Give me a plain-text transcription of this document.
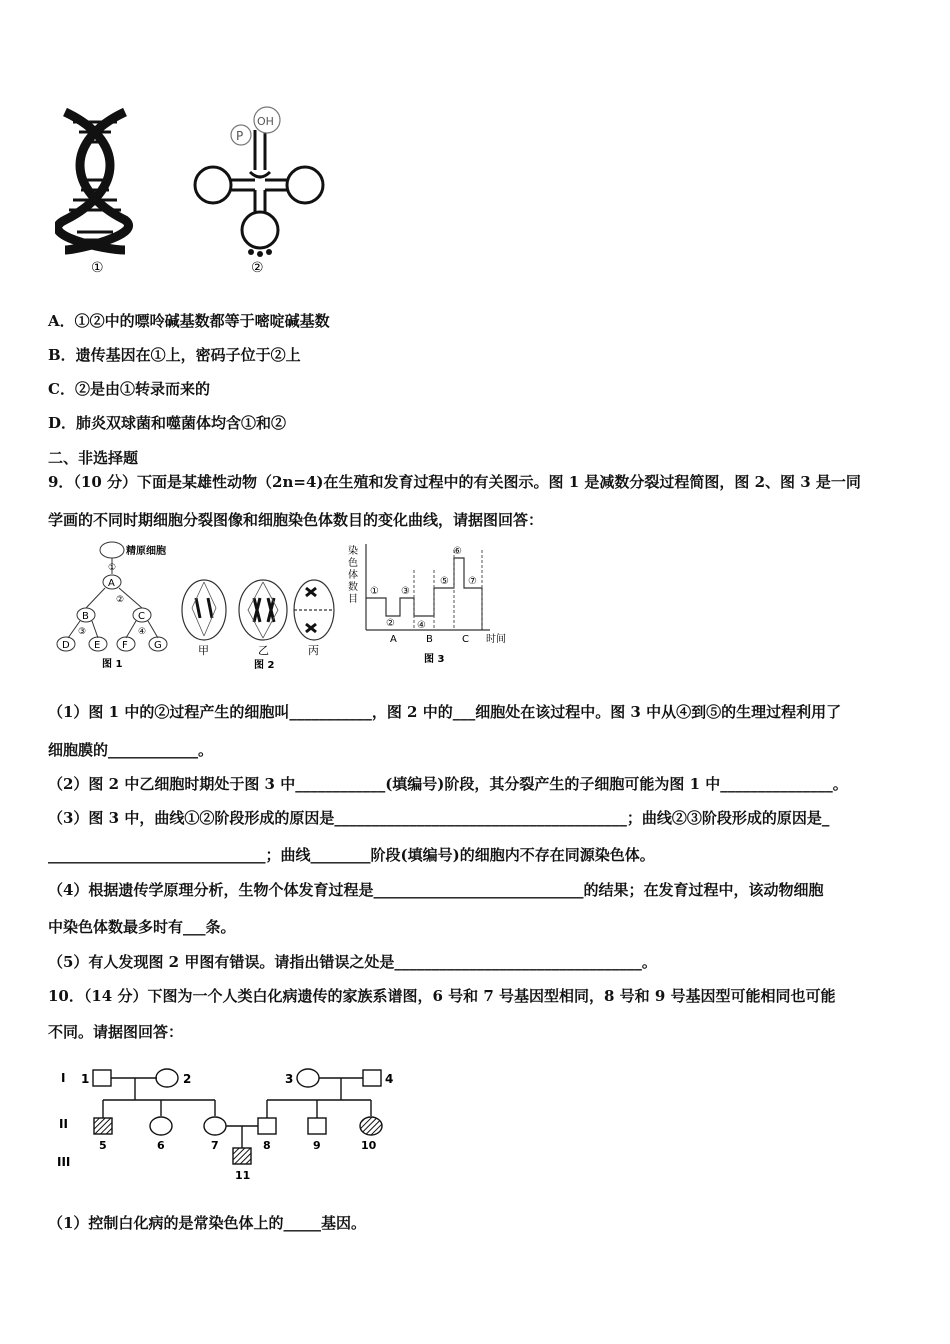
①
P
OH
②
A．①②中的嘌呤碱基数都等于嘧啶碱基数
B．遗传基因在①上，密码子位于②上
C．②是由①转录而来的
D．肺炎双球菌和噬菌体均含①和②
二、非选择题
9．（10 分）下面是某雄性动物（2n=4)在生殖和发育过程中的有关图示。图 1 是减数分裂过程简图，图 2、图 3 是一同
学画的不同时期细胞分裂图像和细胞染色体数目的变化曲线，请据图回答：
精原细胞
①
A
②
B	C
③	④
D E F	G
图 1
甲	乙	丙
图 2
染
色
体
数
目
①
②
③
④
⑤
⑥
⑦
A	B	C 时间
图 3
（1）图 1 中的②过程产生的细胞叫___________，图 2 中的___细胞处在该过程中。图 3 中从④到⑤的生理过程利用了
细胞膜的____________。
（2）图 2 中乙细胞时期处于图 3 中____________(填编号)阶段，其分裂产生的子细胞可能为图 1 中_______________。
（3）图 3 中，曲线①②阶段形成的原因是_______________________________________；曲线②③阶段形成的原因是_
_____________________________；曲线________阶段(填编号)的细胞内不存在同源染色体。
（4）根据遗传学原理分析，生物个体发育过程是____________________________的结果；在发育过程中，该动物细胞
中染色体数最多时有___条。
（5）有人发现图 2 甲图有错误。请指出错误之处是_________________________________。
10．（14 分）下图为一个人类白化病遗传的家族系谱图，6 号和 7 号基因型相同，8 号和 9 号基因型可能相同也可能
不同。请据图回答：
I
II
III
1	2	3	4
5	6	7	8	9	10
11
（1）控制白化病的是常染色体上的_____基因。
